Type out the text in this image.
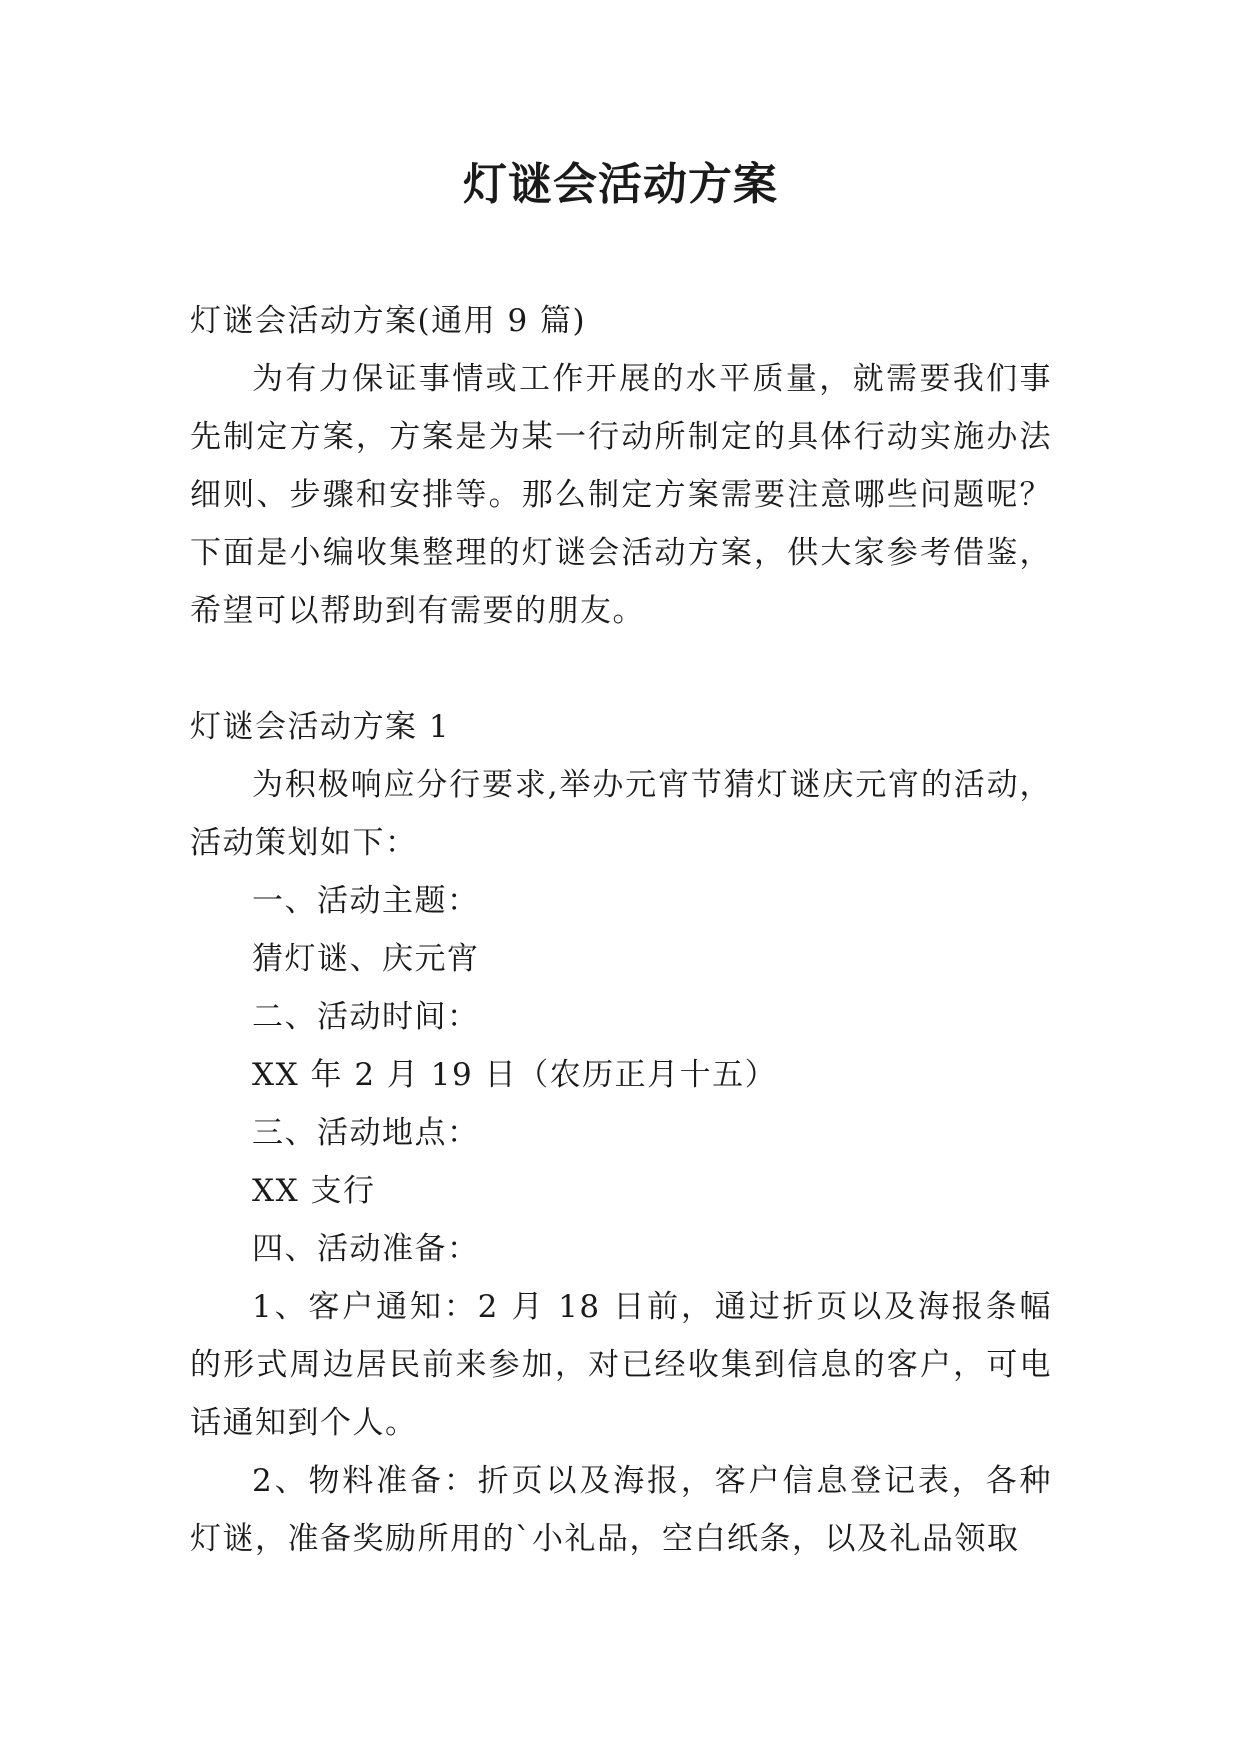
灯谜会活动方案

灯谜会活动方案(通用 9 篇)

为有力保证事情或工作开展的水平质量，就需要我们事先制定方案，方案是为某一行动所制定的具体行动实施办法细则、步骤和安排等。那么制定方案需要注意哪些问题呢？下面是小编收集整理的灯谜会活动方案，供大家参考借鉴，希望可以帮助到有需要的朋友。

灯谜会活动方案 1

为积极响应分行要求,举办元宵节猜灯谜庆元宵的活动，活动策划如下：

一、活动主题：

猜灯谜、庆元宵

二、活动时间：

XX 年 2 月 19 日（农历正月十五）

三、活动地点：

XX 支行

四、活动准备：

1、客户通知：2 月 18 日前，通过折页以及海报条幅的形式周边居民前来参加，对已经收集到信息的客户，可电话通知到个人。

2、物料准备：折页以及海报，客户信息登记表，各种灯谜，准备奖励所用的`小礼品，空白纸条，以及礼品领取
